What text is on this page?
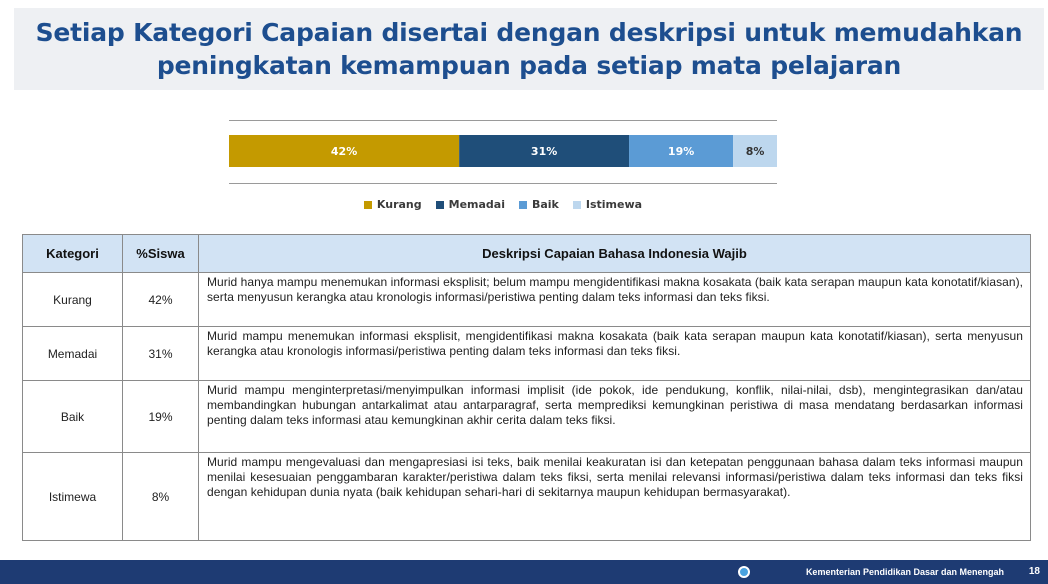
Setiap Kategori Capaian disertai dengan deskripsi untuk memudahkan
peningkatan kemampuan pada setiap mata pelajaran
42%	31%	19%	8%
Kurang Memadai Baik Istimewa
Kategori	%Siswa	Deskripsi Capaian Bahasa Indonesia Wajib
Kurang	42%	Murid hanya mampu menemukan informasi eksplisit; belum mampu mengidentifikasi makna kosakata (baik kata serapan maupun kata konotatif/kiasan), serta menyusun kerangka atau kronologis informasi/peristiwa penting dalam teks informasi dan teks fiksi.
Memadai	31%	Murid mampu menemukan informasi eksplisit, mengidentifikasi makna kosakata (baik kata serapan maupun kata konotatif/kiasan), serta menyusun kerangka atau kronologis informasi/peristiwa penting dalam teks informasi dan teks fiksi.
Baik	19%	Murid mampu menginterpretasi/menyimpulkan informasi implisit (ide pokok, ide pendukung, konflik, nilai-nilai, dsb), mengintegrasikan dan/atau membandingkan hubungan antarkalimat atau antarparagraf, serta memprediksi kemungkinan peristiwa di masa mendatang berdasarkan informasi penting dalam teks informasi atau kemungkinan akhir cerita dalam teks fiksi.
Istimewa	8%	Murid mampu mengevaluasi dan mengapresiasi isi teks, baik menilai keakuratan isi dan ketepatan penggunaan bahasa dalam teks informasi maupun menilai kesesuaian penggambaran karakter/peristiwa dalam teks fiksi, serta menilai relevansi informasi/peristiwa dalam teks informasi dan teks fiksi dengan kehidupan dunia nyata (baik kehidupan sehari-hari di sekitarnya maupun kehidupan bermasyarakat).
Kementerian Pendidikan Dasar dan Menengah 18
